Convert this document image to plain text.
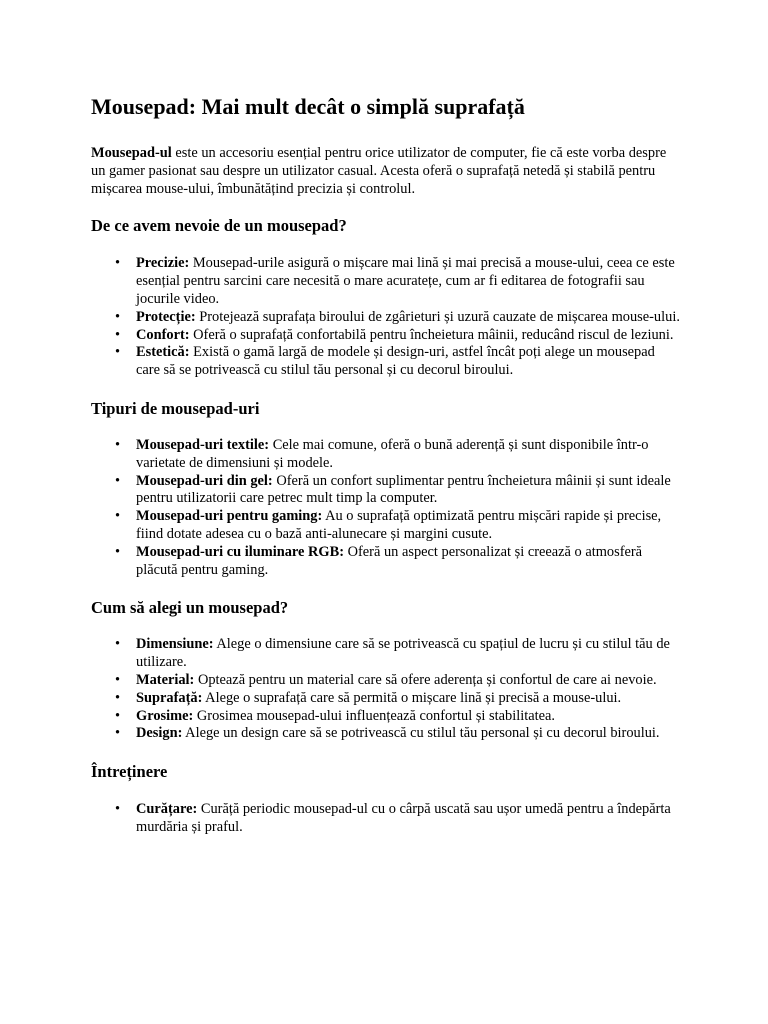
Mousepad: Mai mult decât o simplă suprafață

Mousepad-ul este un accesoriu esențial pentru orice utilizator de computer, fie că este vorba despre un gamer pasionat sau despre un utilizator casual. Acesta oferă o suprafață netedă și stabilă pentru mișcarea mouse-ului, îmbunătățind precizia și controlul.

De ce avem nevoie de un mousepad?
• Precizie: Mousepad-urile asigură o mișcare mai lină și mai precisă a mouse-ului, ceea ce este esențial pentru sarcini care necesită o mare acuratețe, cum ar fi editarea de fotografii sau jocurile video.
• Protecție: Protejează suprafața biroului de zgârieturi și uzură cauzate de mișcarea mouse-ului.
• Confort: Oferă o suprafață confortabilă pentru încheietura mâinii, reducând riscul de leziuni.
• Estetică: Există o gamă largă de modele și design-uri, astfel încât poți alege un mousepad care să se potrivească cu stilul tău personal și cu decorul biroului.
Tipuri de mousepad-uri
• Mousepad-uri textile: Cele mai comune, oferă o bună aderență și sunt disponibile într-o varietate de dimensiuni și modele.
• Mousepad-uri din gel: Oferă un confort suplimentar pentru încheietura mâinii și sunt ideale pentru utilizatorii care petrec mult timp la computer.
• Mousepad-uri pentru gaming: Au o suprafață optimizată pentru mișcări rapide și precise, fiind dotate adesea cu o bază anti-alunecare și margini cusute.
• Mousepad-uri cu iluminare RGB: Oferă un aspect personalizat și creează o atmosferă plăcută pentru gaming.
Cum să alegi un mousepad?
• Dimensiune: Alege o dimensiune care să se potrivească cu spațiul de lucru și cu stilul tău de utilizare.
• Material: Optează pentru un material care să ofere aderența și confortul de care ai nevoie.
• Suprafață: Alege o suprafață care să permită o mișcare lină și precisă a mouse-ului.
• Grosime: Grosimea mousepad-ului influențează confortul și stabilitatea.
• Design: Alege un design care să se potrivească cu stilul tău personal și cu decorul biroului.
Întreținere
• Curățare: Curăță periodic mousepad-ul cu o cârpă uscată sau ușor umedă pentru a îndepărta murdăria și praful.
